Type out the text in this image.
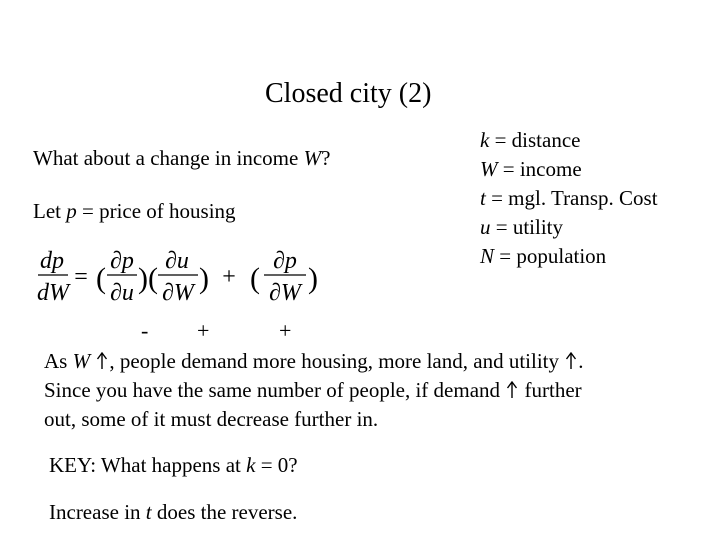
Closed city (2)
What about a change in income W?
Let p = price of housing
k = distance
W = income
t = mgl. Transp. Cost
u = utility
N = population
dp
dW
= (
∂p
∂u ) (
∂u
∂W ) + (
∂p
∂W )
- +	+
As W , people demand more housing, more land, and utility
.
Since you have the same number of people, if demand
further
out, some of it must decrease further in.
KEY: What happens at k = 0?
Increase in t does the reverse.
